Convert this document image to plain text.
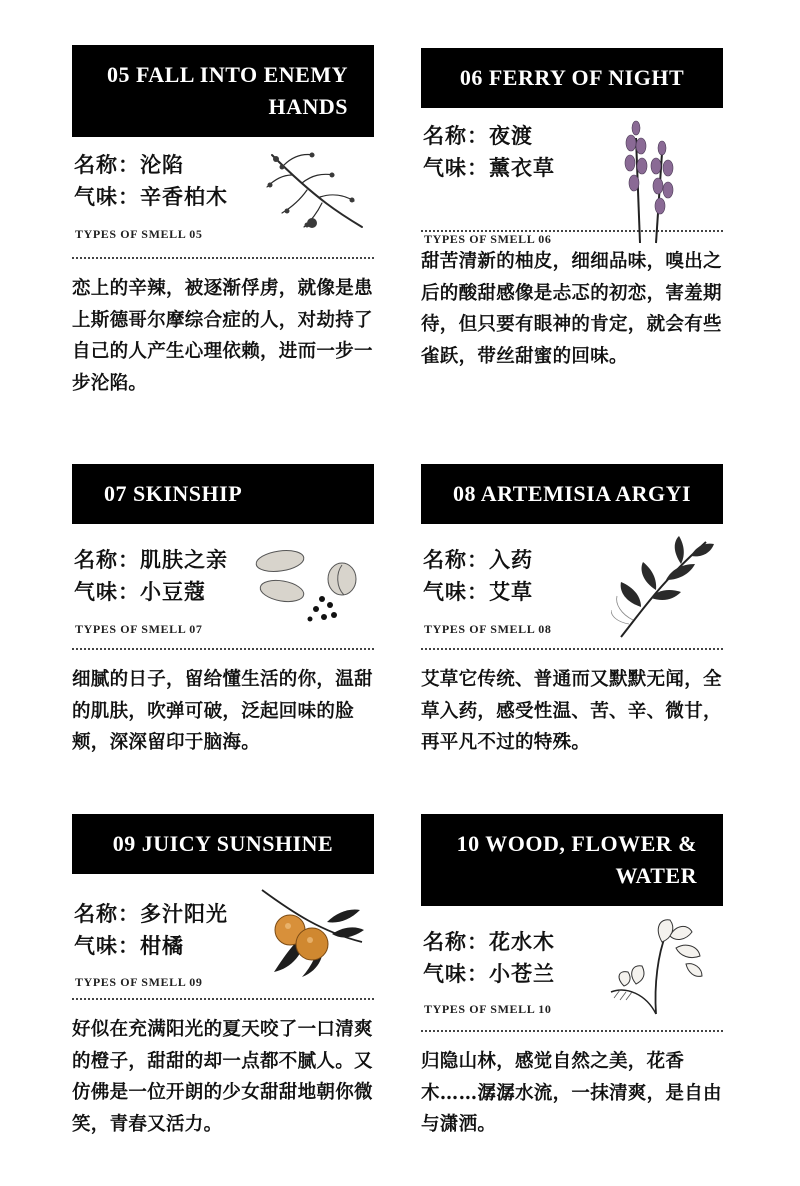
05 FALL INTO ENEMY
HANDS
名称：沦陷
气味：辛香柏木
TYPES OF SMELL 05
恋上的辛辣，被逐渐俘虏，就像是患上斯德哥尔摩综合症的人，对劫持了自己的人产生心理依赖，进而一步一步沦陷。
06 FERRY OF NIGHT
名称：夜渡
气味：薰衣草
TYPES OF SMELL 06
甜苦清新的柚皮，细细品味，嗅出之后的酸甜感像是忐忑的初恋，害羞期待，但只要有眼神的肯定，就会有些雀跃，带丝甜蜜的回味。
07 SKINSHIP
名称：肌肤之亲
气味：小豆蔻
TYPES OF SMELL 07
细腻的日子，留给懂生活的你，温甜的肌肤，吹弹可破，泛起回味的脸颊，深深留印于脑海。
08 ARTEMISIA ARGYI
名称：入药
气味：艾草
TYPES OF SMELL 08
艾草它传统、普通而又默默无闻，全草入药，感受性温、苦、辛、微甘，再平凡不过的特殊。
09 JUICY SUNSHINE
名称：多汁阳光
气味：柑橘
TYPES OF SMELL 09
好似在充满阳光的夏天咬了一口清爽的橙子，甜甜的却一点都不腻人。又仿佛是一位开朗的少女甜甜地朝你微笑，青春又活力。
10 WOOD, FLOWER &
WATER
名称：花水木
气味：小苍兰
TYPES OF SMELL 10
归隐山林，感觉自然之美，花香木……潺潺水流，一抹清爽，是自由与潇洒。
